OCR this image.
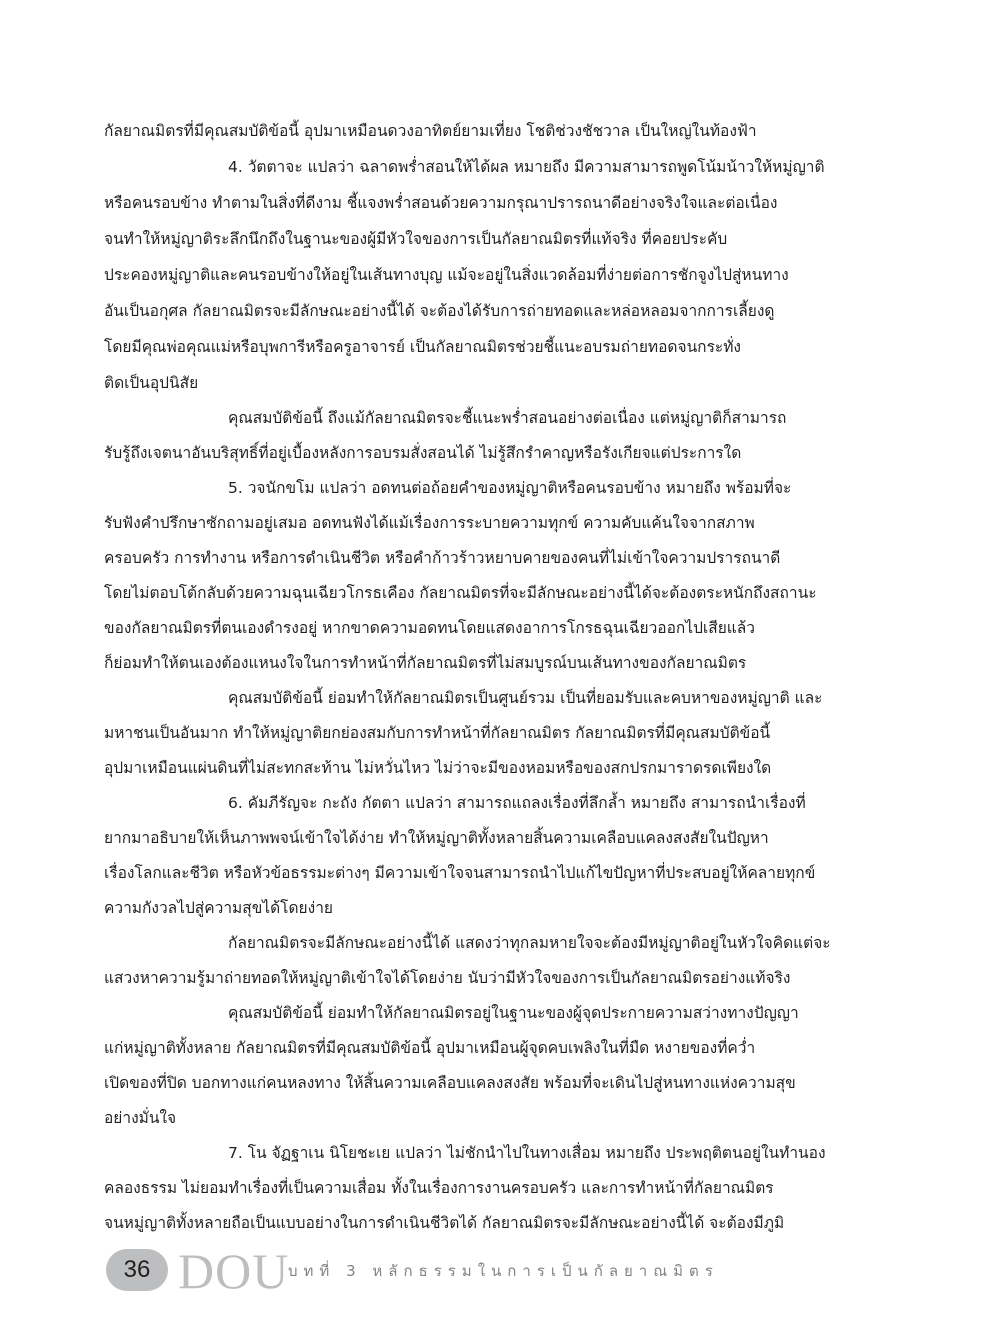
กัลยาณมิตรที่มีคุณสมบัติข้อนี้ อุปมาเหมือนดวงอาทิตย์ยามเที่ยง โชติช่วงชัชวาล เป็นใหญ่ในท้องฟ้า
4. วัตตาจะ แปลว่า ฉลาดพร่ำสอนให้ได้ผล หมายถึง มีความสามารถพูดโน้มน้าวให้หมู่ญาติ
หรือคนรอบข้าง ทำตามในสิ่งที่ดีงาม ชี้แจงพร่ำสอนด้วยความกรุณาปรารถนาดีอย่างจริงใจและต่อเนื่อง
จนทำให้หมู่ญาติระลึกนึกถึงในฐานะของผู้มีหัวใจของการเป็นกัลยาณมิตรที่แท้จริง ที่คอยประคับ
ประคองหมู่ญาติและคนรอบข้างให้อยู่ในเส้นทางบุญ แม้จะอยู่ในสิ่งแวดล้อมที่ง่ายต่อการชักจูงไปสู่หนทาง
อันเป็นอกุศล กัลยาณมิตรจะมีลักษณะอย่างนี้ได้ จะต้องได้รับการถ่ายทอดและหล่อหลอมจากการเลี้ยงดู
โดยมีคุณพ่อคุณแม่หรือบุพการีหรือครูอาจารย์ เป็นกัลยาณมิตรช่วยชี้แนะอบรมถ่ายทอดจนกระทั่ง
ติดเป็นอุปนิสัย
คุณสมบัติข้อนี้ ถึงแม้กัลยาณมิตรจะชี้แนะพร่ำสอนอย่างต่อเนื่อง แต่หมู่ญาติก็สามารถ
รับรู้ถึงเจตนาอันบริสุทธิ์ที่อยู่เบื้องหลังการอบรมสั่งสอนได้ ไม่รู้สึกรำคาญหรือรังเกียจแต่ประการใด
5. วจนักขโม แปลว่า อดทนต่อถ้อยคำของหมู่ญาติหรือคนรอบข้าง หมายถึง พร้อมที่จะ
รับฟังคำปรึกษาซักถามอยู่เสมอ อดทนฟังได้แม้เรื่องการระบายความทุกข์ ความคับแค้นใจจากสภาพ
ครอบครัว การทำงาน หรือการดำเนินชีวิต หรือคำก้าวร้าวหยาบคายของคนที่ไม่เข้าใจความปรารถนาดี
โดยไม่ตอบโต้กลับด้วยความฉุนเฉียวโกรธเคือง กัลยาณมิตรที่จะมีลักษณะอย่างนี้ได้จะต้องตระหนักถึงสถานะ
ของกัลยาณมิตรที่ตนเองดำรงอยู่ หากขาดความอดทนโดยแสดงอาการโกรธฉุนเฉียวออกไปเสียแล้ว
ก็ย่อมทำให้ตนเองต้องแหนงใจในการทำหน้าที่กัลยาณมิตรที่ไม่สมบูรณ์บนเส้นทางของกัลยาณมิตร
คุณสมบัติข้อนี้ ย่อมทำให้กัลยาณมิตรเป็นศูนย์รวม เป็นที่ยอมรับและคบหาของหมู่ญาติ และ
มหาชนเป็นอันมาก ทำให้หมู่ญาติยกย่องสมกับการทำหน้าที่กัลยาณมิตร กัลยาณมิตรที่มีคุณสมบัติข้อนี้
อุปมาเหมือนแผ่นดินที่ไม่สะทกสะท้าน ไม่หวั่นไหว ไม่ว่าจะมีของหอมหรือของสกปรกมาราดรดเพียงใด
6. คัมภีรัญจะ กะถัง กัตตา แปลว่า สามารถแถลงเรื่องที่ลึกล้ำ หมายถึง สามารถนำเรื่องที่
ยากมาอธิบายให้เห็นภาพพจน์เข้าใจได้ง่าย ทำให้หมู่ญาติทั้งหลายสิ้นความเคลือบแคลงสงสัยในปัญหา
เรื่องโลกและชีวิต หรือหัวข้อธรรมะต่างๆ มีความเข้าใจจนสามารถนำไปแก้ไขปัญหาที่ประสบอยู่ให้คลายทุกข์
ความกังวลไปสู่ความสุขได้โดยง่าย
กัลยาณมิตรจะมีลักษณะอย่างนี้ได้ แสดงว่าทุกลมหายใจจะต้องมีหมู่ญาติอยู่ในหัวใจคิดแต่จะ
แสวงหาความรู้มาถ่ายทอดให้หมู่ญาติเข้าใจได้โดยง่าย นับว่ามีหัวใจของการเป็นกัลยาณมิตรอย่างแท้จริง
คุณสมบัติข้อนี้ ย่อมทำให้กัลยาณมิตรอยู่ในฐานะของผู้จุดประกายความสว่างทางปัญญา
แก่หมู่ญาติทั้งหลาย กัลยาณมิตรที่มีคุณสมบัติข้อนี้ อุปมาเหมือนผู้จุดคบเพลิงในที่มืด หงายของที่คว่ำ
เปิดของที่ปิด บอกทางแก่คนหลงทาง ให้สิ้นความเคลือบแคลงสงสัย พร้อมที่จะเดินไปสู่หนทางแห่งความสุข
อย่างมั่นใจ
7. โน จัฏฐาเน นิโยชะเย แปลว่า ไม่ชักนำไปในทางเสื่อม หมายถึง ประพฤติตนอยู่ในทำนอง
คลองธรรม ไม่ยอมทำเรื่องที่เป็นความเสื่อม ทั้งในเรื่องการงานครอบครัว และการทำหน้าที่กัลยาณมิตร
จนหมู่ญาติทั้งหลายถือเป็นแบบอย่างในการดำเนินชีวิตได้ กัลยาณมิตรจะมีลักษณะอย่างนี้ได้ จะต้องมีภูมิ
36 DOU
บทที่ 3 หลักธรรมในการเป็นกัลยาณมิตร
